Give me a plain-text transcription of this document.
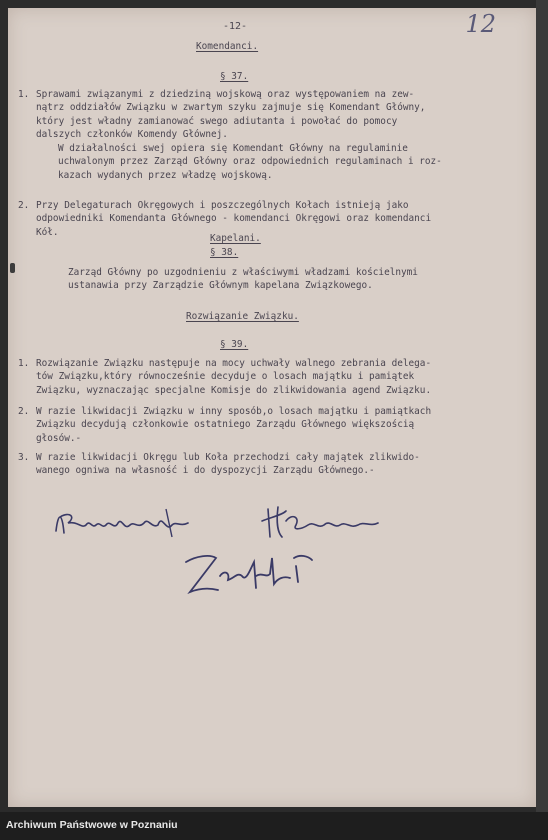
-12-	12
Komendanci.
§ 37.
1. Sprawami związanymi z dziedziną wojskową oraz występowaniem na zew-
nątrz oddziałów Związku w zwartym szyku zajmuje się Komendant Główny,
który jest władny zamianować swego adiutanta i powołać do pomocy
dalszych członków Komendy Głównej.
W działalności swej opiera się Komendant Główny na regulaminie
uchwalonym przez Zarząd Główny oraz odpowiednich regulaminach i roz-
kazach wydanych przez władzę wojskową.
2. Przy Delegaturach Okręgowych i poszczególnych Kołach istnieją jako
odpowiedniki Komendanta Głównego - komendanci Okręgowi oraz komendanci
Kół.
Kapelani.
§ 38.
Zarząd Główny po uzgodnieniu z właściwymi władzami kościelnymi
ustanawia przy Zarządzie Głównym kapelana Związkowego.
Rozwiązanie Związku.
§ 39.
1. Rozwiązanie Związku następuje na mocy uchwały walnego zebrania delega-
tów Związku,który równocześnie decyduje o losach majątku i pamiątek
Związku, wyznaczając specjalne Komisje do zlikwidowania agend Związku.
2. W razie likwidacji Związku w inny sposób,o losach majątku i pamiątkach
Związku decydują członkowie ostatniego Zarządu Głównego większością
głosów.-
3. W razie likwidacji Okręgu lub Koła przechodzi cały majątek zlikwido-
wanego ogniwa na własność i do dyspozycji Zarządu Głównego.-
Archiwum Państwowe w Poznaniu
